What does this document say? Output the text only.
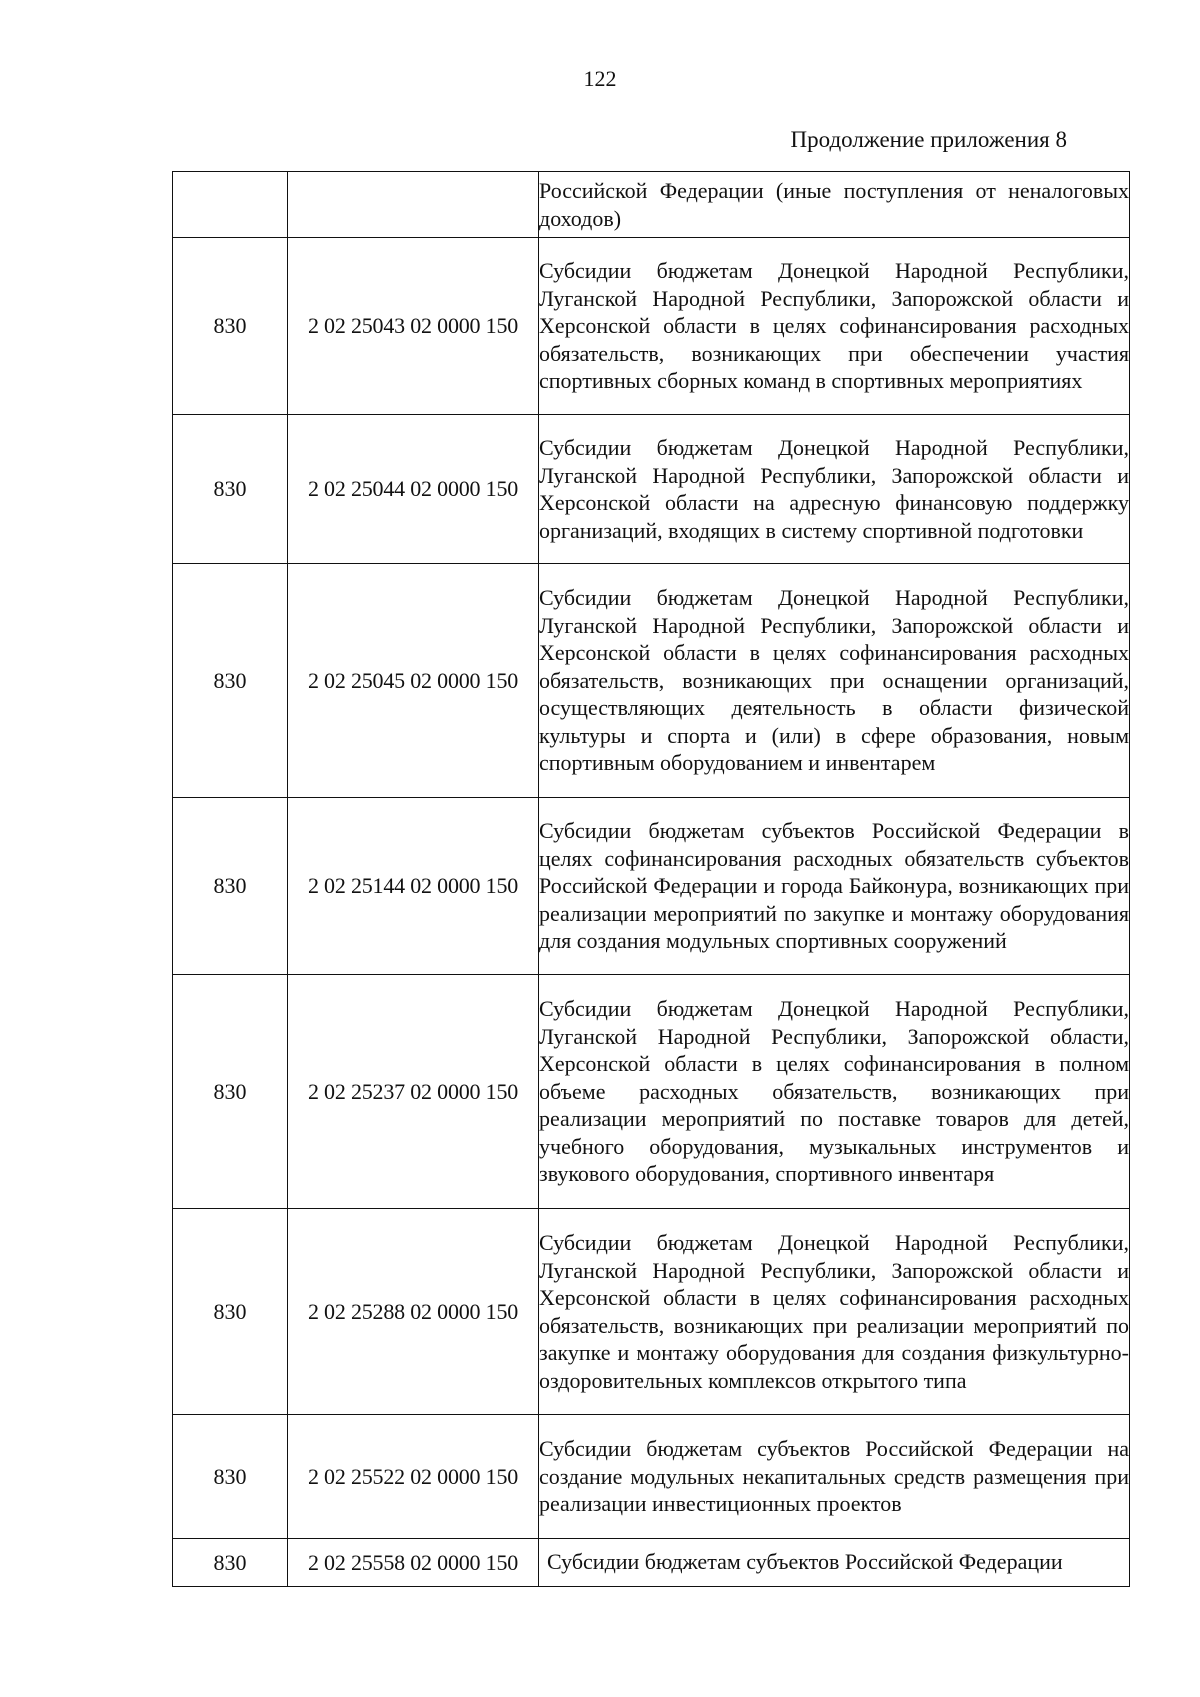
122
Продолжение приложения 8
		Российской Федерации (иные поступления от неналоговых доходов)
830	2 02 25043 02 0000 150	Субсидии бюджетам Донецкой Народной Республики, Луганской Народной Республики, Запорожской области и Херсонской области в целях софинансирования расходных обязательств, возникающих при обеспечении участия спортивных сборных команд в спортивных мероприятиях
830	2 02 25044 02 0000 150	Субсидии бюджетам Донецкой Народной Республики, Луганской Народной Республики, Запорожской области и Херсонской области на адресную финансовую поддержку организаций, входящих в систему спортивной подготовки
830	2 02 25045 02 0000 150	Субсидии бюджетам Донецкой Народной Республики, Луганской Народной Республики, Запорожской области и Херсонской области в целях софинансирования расходных обязательств, возникающих при оснащении организаций, осуществляющих деятельность в области физической культуры и спорта и (или) в сфере образования, новым спортивным оборудованием и инвентарем
830	2 02 25144 02 0000 150	Субсидии бюджетам субъектов Российской Федерации в целях софинансирования расходных обязательств субъектов Российской Федерации и города Байконура, возникающих при реализации мероприятий по закупке и монтажу оборудования для создания модульных спортивных сооружений
830	2 02 25237 02 0000 150	Субсидии бюджетам Донецкой Народной Республики, Луганской Народной Республики, Запорожской области, Херсонской области в целях софинансирования в полном объеме расходных обязательств, возникающих при реализации мероприятий по поставке товаров для детей, учебного оборудования, музыкальных инструментов и звукового оборудования, спортивного инвентаря
830	2 02 25288 02 0000 150	Субсидии бюджетам Донецкой Народной Республики, Луганской Народной Республики, Запорожской области и Херсонской области в целях софинансирования расходных обязательств, возникающих при реализации мероприятий по закупке и монтажу оборудования для создания физкультурно-оздоровительных комплексов открытого типа
830	2 02 25522 02 0000 150	Субсидии бюджетам субъектов Российской Федерации на создание модульных некапитальных средств размещения при реализации инвестиционных проектов
830	2 02 25558 02 0000 150	Субсидии бюджетам субъектов Российской Федерации
